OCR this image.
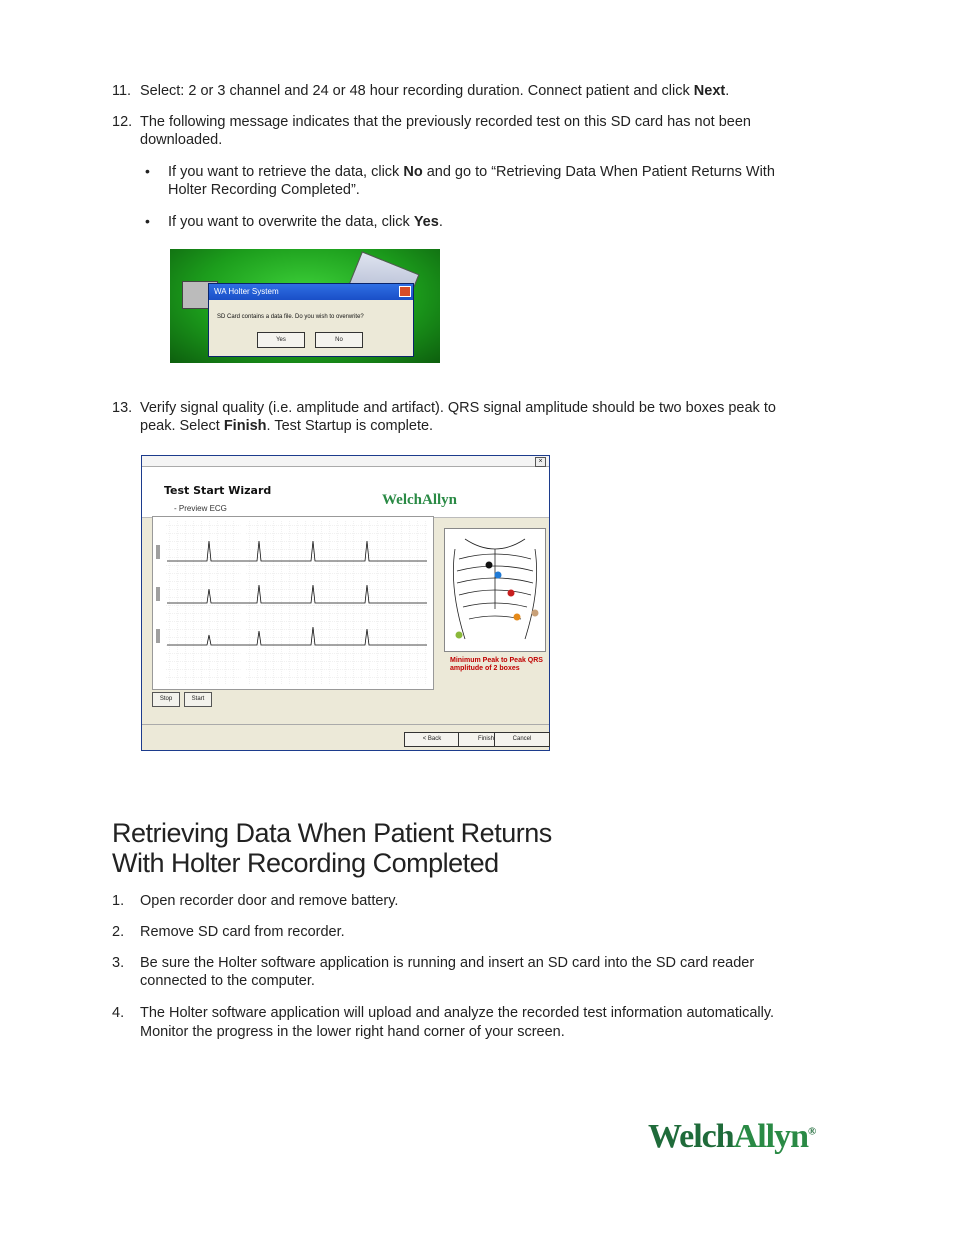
11. Select: 2 or 3 channel and 24 or 48 hour recording duration. Connect patient and click Next.
12. The following message indicates that the previously recorded test on this SD card has not been
downloaded.
• If you want to retrieve the data, click No and go to “Retrieving Data When Patient Returns With
Holter Recording Completed”.
• If you want to overwrite the data, click Yes.
WA Holter System
SD Card contains a data file. Do you wish to overwrite?
Yes	No
13. Verify signal quality (i.e. amplitude and artifact). QRS signal amplitude should be two boxes peak to
peak. Select Finish. Test Startup is complete.
×
Test Start Wizard
- Preview ECG
WelchAllyn
Minimum Peak to Peak QRS amplitude of 2 boxes
Stop	Start
< Back	Finish	Cancel
Retrieving Data When Patient Returns
With Holter Recording Completed
1. Open recorder door and remove battery.
2. Remove SD card from recorder.
3. Be sure the Holter software application is running and insert an SD card into the SD card reader
connected to the computer.
4. The Holter software application will upload and analyze the recorded test information automatically.
Monitor the progress in the lower right hand corner of your screen.
WelchAllyn®
